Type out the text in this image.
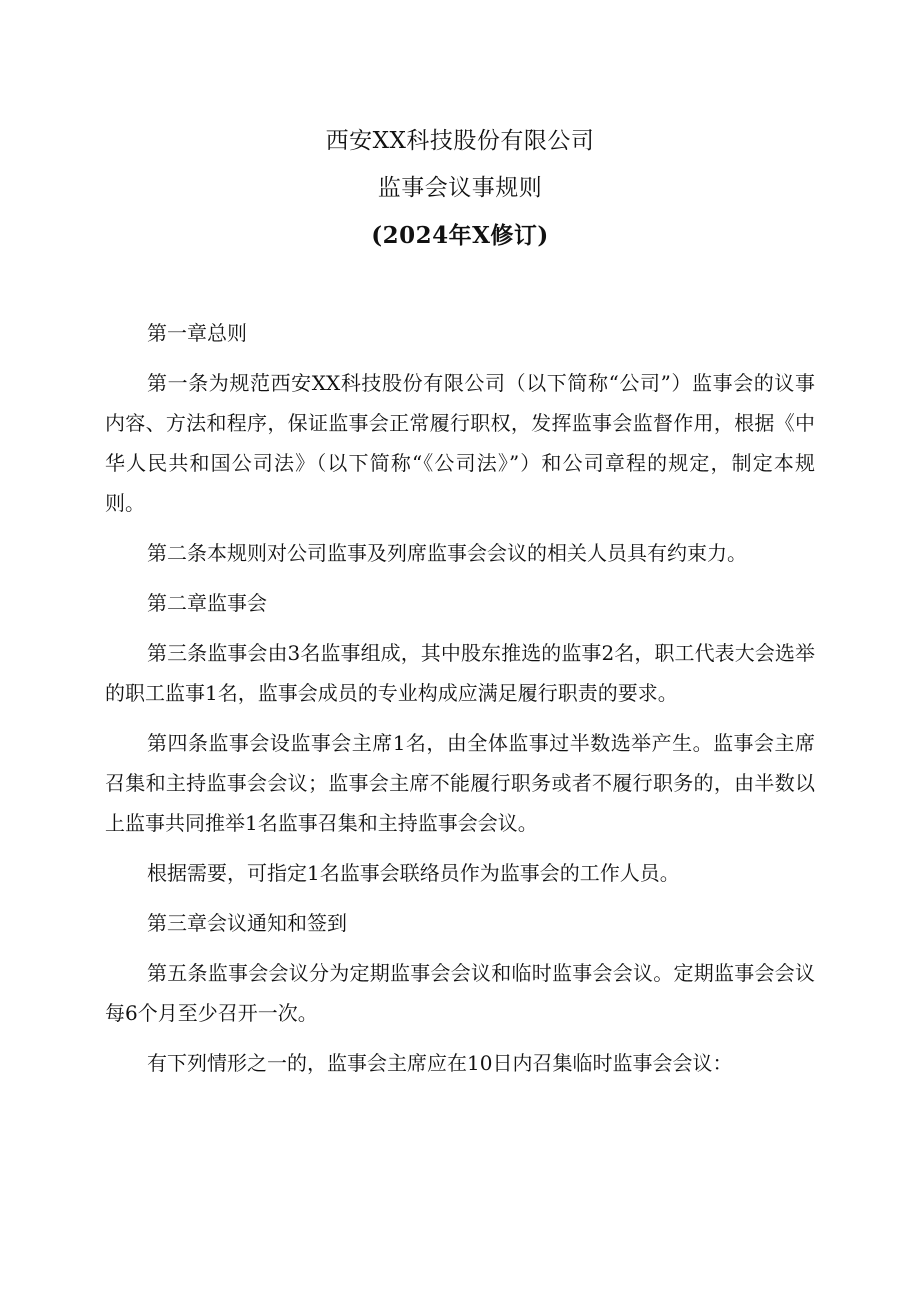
西安XX科技股份有限公司
监事会议事规则
(2024年X修订)

第一章总则

第一条为规范西安XX科技股份有限公司（以下简称“公司”）监事会的议事内容、方法和程序，保证监事会正常履行职权，发挥监事会监督作用，根据《中华人民共和国公司法》（以下简称“《公司法》”）和公司章程的规定，制定本规则。

第二条本规则对公司监事及列席监事会会议的相关人员具有约束力。

第二章监事会

第三条监事会由3名监事组成，其中股东推选的监事2名，职工代表大会选举的职工监事1名，监事会成员的专业构成应满足履行职责的要求。

第四条监事会设监事会主席1名，由全体监事过半数选举产生。监事会主席召集和主持监事会会议；监事会主席不能履行职务或者不履行职务的，由半数以上监事共同推举1名监事召集和主持监事会会议。

根据需要，可指定1名监事会联络员作为监事会的工作人员。

第三章会议通知和签到

第五条监事会会议分为定期监事会会议和临时监事会会议。定期监事会会议每6个月至少召开一次。

有下列情形之一的，监事会主席应在10日内召集临时监事会会议：
